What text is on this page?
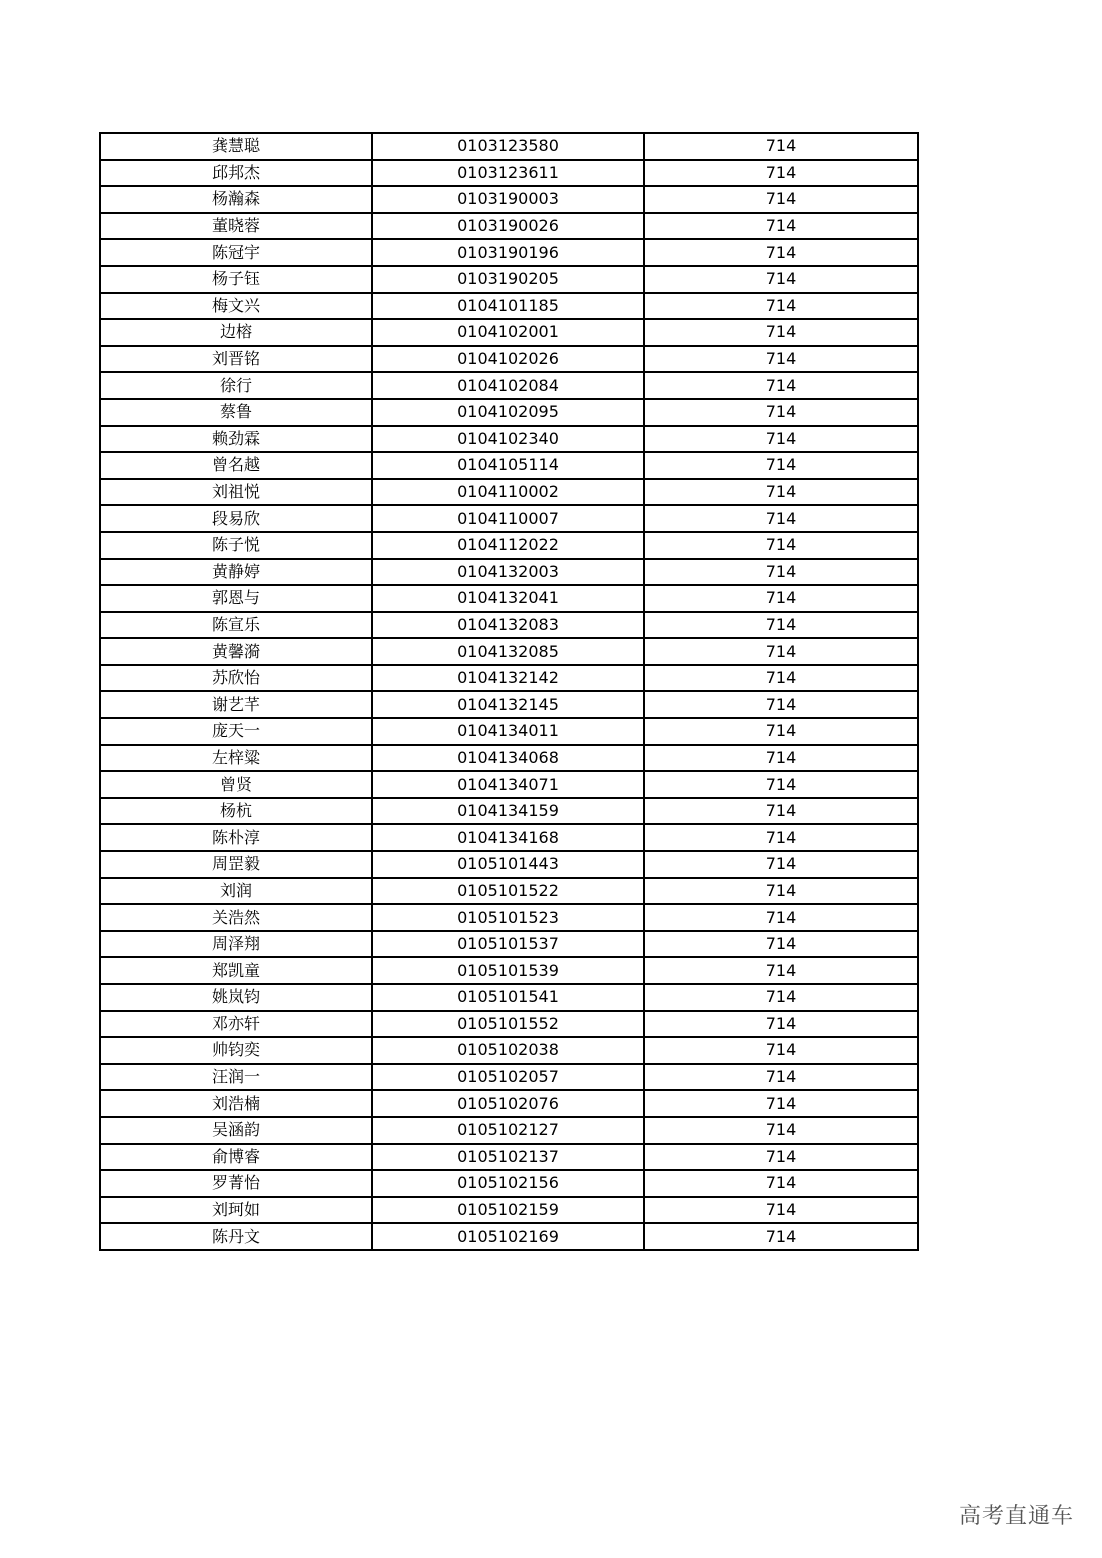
龚慧聪	0103123580	714
邱邦杰	0103123611	714
杨瀚森	0103190003	714
董晓蓉	0103190026	714
陈冠宇	0103190196	714
杨子钰	0103190205	714
梅文兴	0104101185	714
边榕	0104102001	714
刘晋铭	0104102026	714
徐行	0104102084	714
蔡鲁	0104102095	714
赖劲霖	0104102340	714
曾名越	0104105114	714
刘祖悦	0104110002	714
段易欣	0104110007	714
陈子悦	0104112022	714
黄静婷	0104132003	714
郭恩与	0104132041	714
陈宣乐	0104132083	714
黄馨漪	0104132085	714
苏欣怡	0104132142	714
谢艺芊	0104132145	714
庞天一	0104134011	714
左梓粱	0104134068	714
曾贤	0104134071	714
杨杭	0104134159	714
陈朴淳	0104134168	714
周罡毅	0105101443	714
刘润	0105101522	714
关浩然	0105101523	714
周泽翔	0105101537	714
郑凯童	0105101539	714
姚岚钧	0105101541	714
邓亦轩	0105101552	714
帅钧奕	0105102038	714
汪润一	0105102057	714
刘浩楠	0105102076	714
吴涵韵	0105102127	714
俞博睿	0105102137	714
罗菁怡	0105102156	714
刘珂如	0105102159	714
陈丹文	0105102169	714
高考直通车
